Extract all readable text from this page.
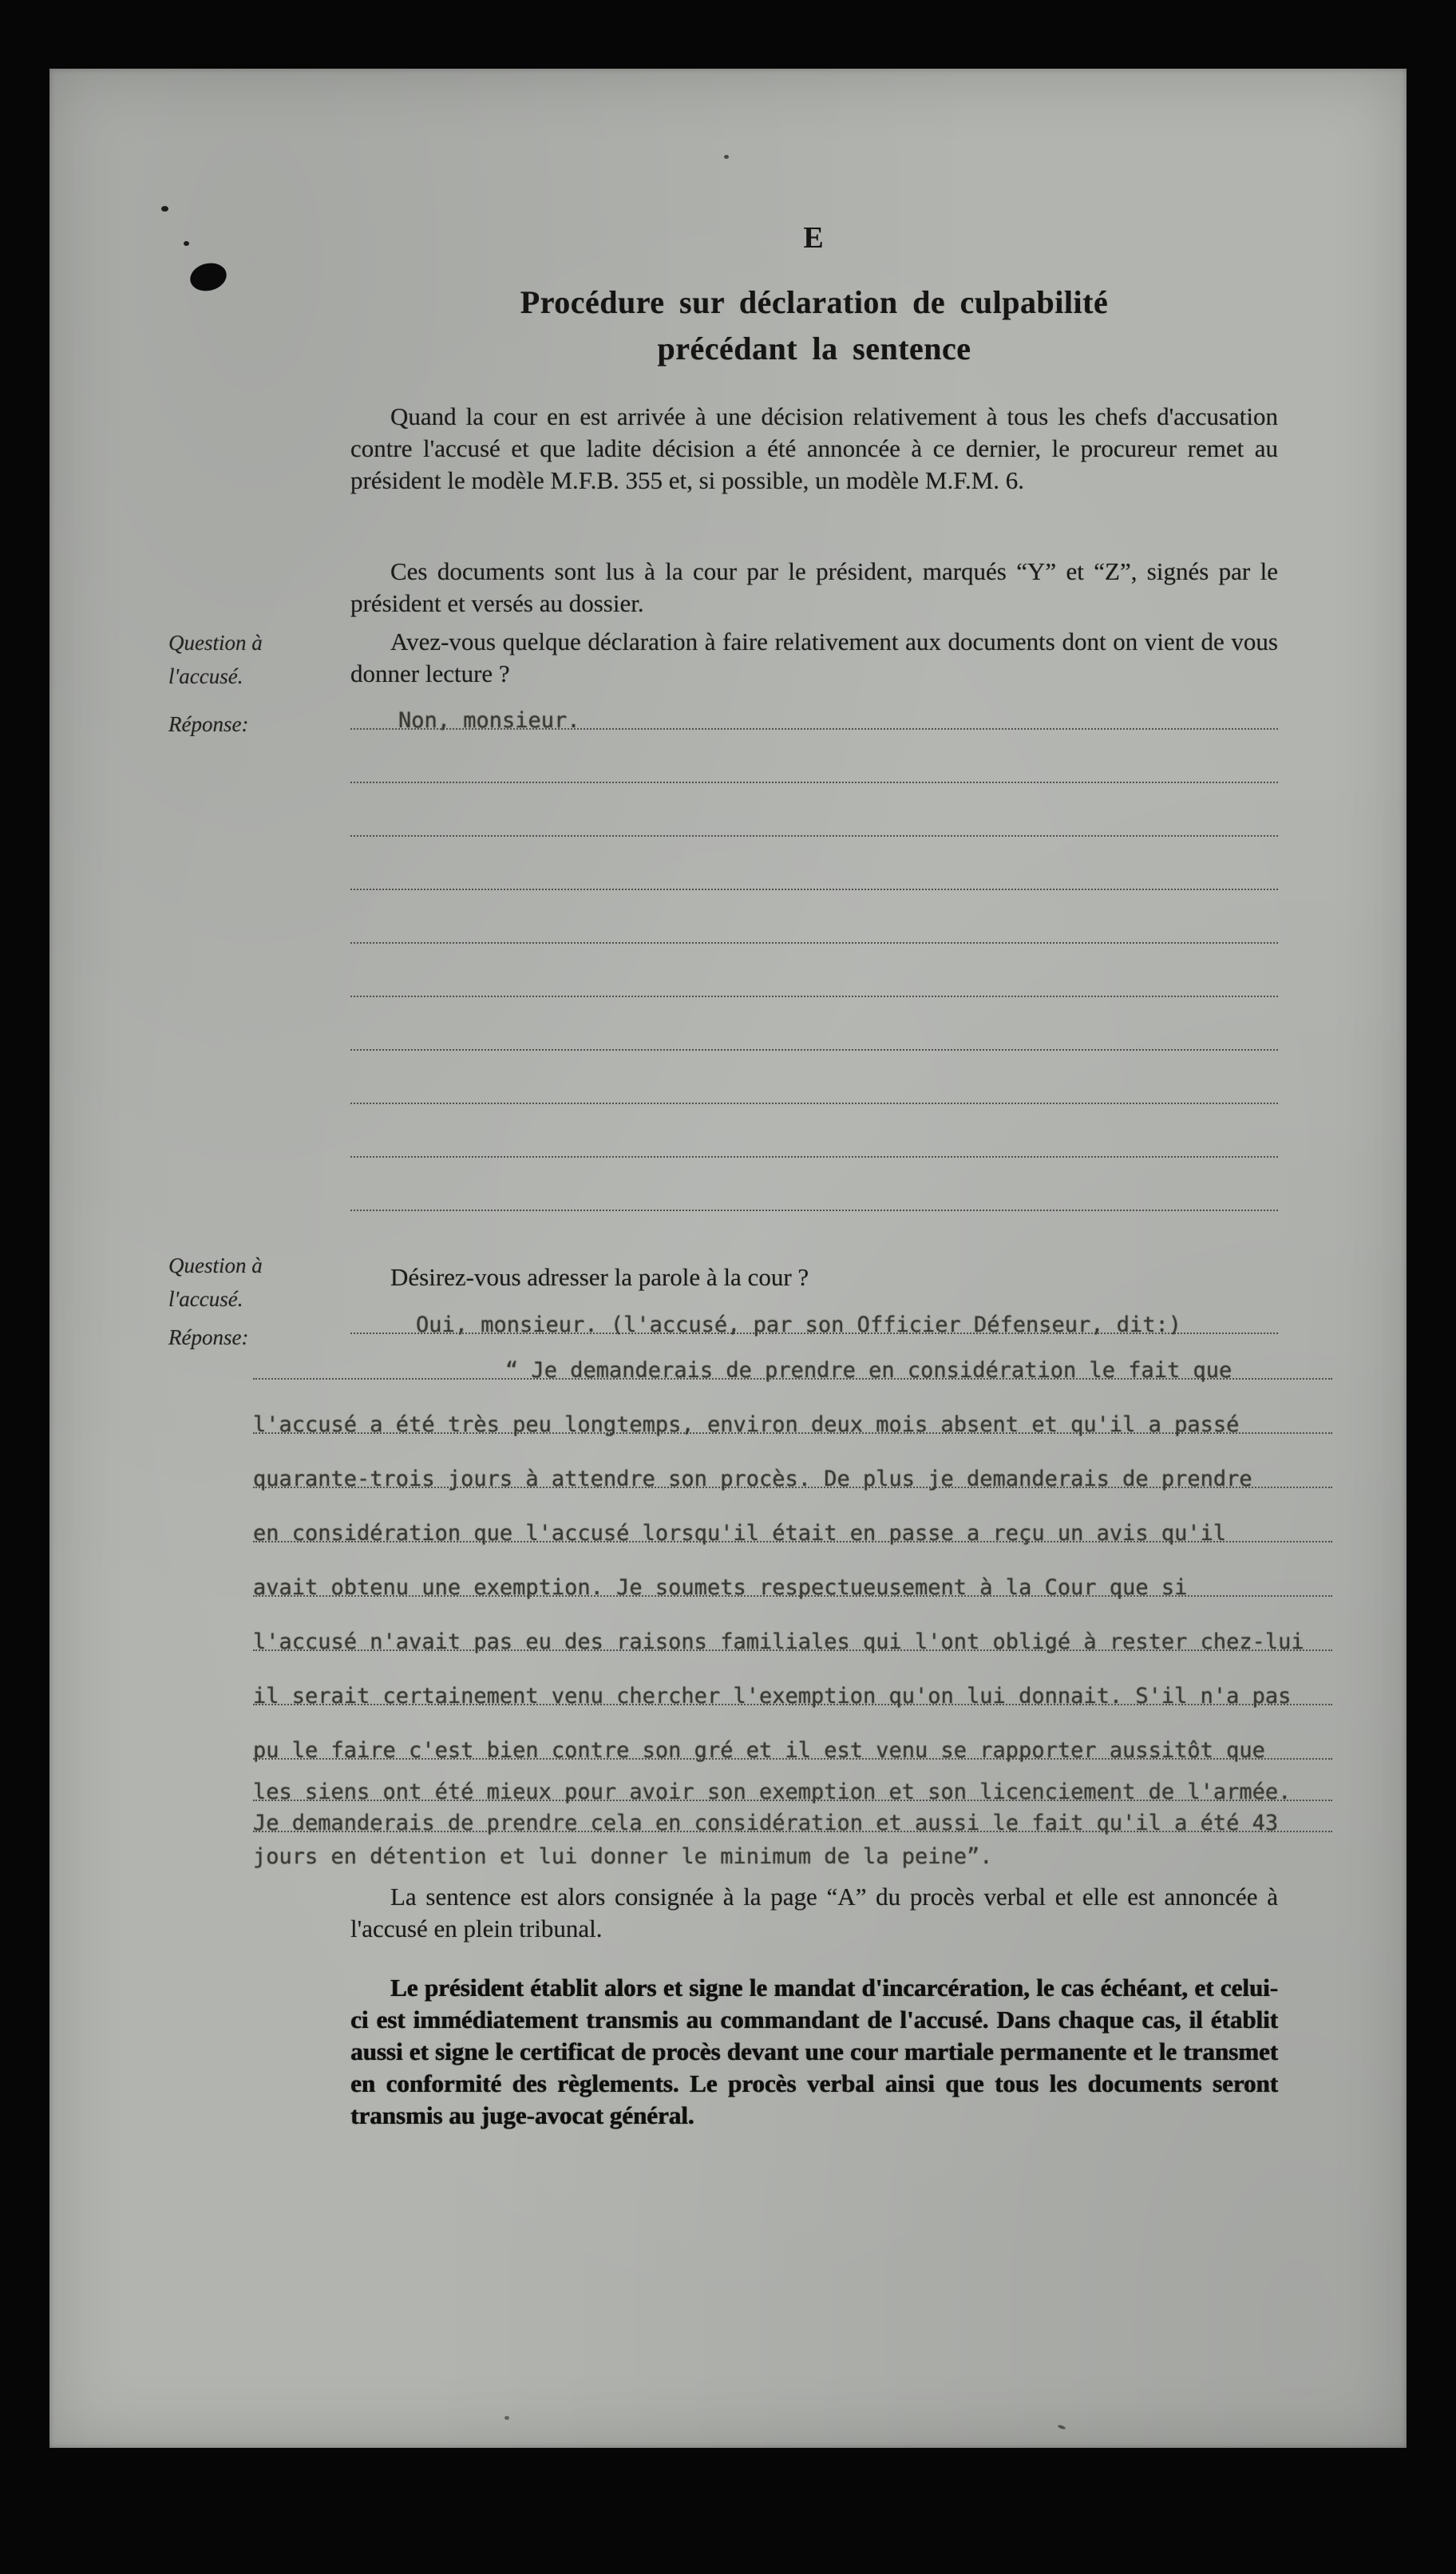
E
Procédure sur déclaration de culpabilité
précédant la sentence
Quand la cour en est arrivée à une décision relativement à tous les chefs d'accusation contre l'accusé et que ladite décision a été annoncée à ce dernier, le procureur remet au président le modèle M.F.B. 355 et, si possible, un modèle M.F.M. 6.
Ces documents sont lus à la cour par le président, marqués “Y” et “Z”, signés par le président et versés au dossier.
Question à
l'accusé.
Avez-vous quelque déclaration à faire relativement aux documents dont on vient de vous donner lecture ?
Réponse:	Non, monsieur.
Question à
l'accusé.
Désirez-vous adresser la parole à la cour ?
Réponse:	Oui, monsieur. (l'accusé, par son Officier Défenseur, dit:)
“ Je demanderais de prendre en considération le fait que
l'accusé a été très peu longtemps, environ deux mois absent et qu'il a passé
quarante-trois jours à attendre son procès. De plus je demanderais de prendre
en considération que l'accusé lorsqu'il était en passe a reçu un avis qu'il
avait obtenu une exemption. Je soumets respectueusement à la Cour que si
l'accusé n'avait pas eu des raisons familiales qui l'ont obligé à rester chez-lui
il serait certainement venu chercher l'exemption qu'on lui donnait. S'il n'a pas
pu le faire c'est bien contre son gré et il est venu se rapporter aussitôt que
les siens ont été mieux pour avoir son exemption et son licenciement de l'armée.
Je demanderais de prendre cela en considération et aussi le fait qu'il a été 43
jours en détention et lui donner le minimum de la peine”.
La sentence est alors consignée à la page “A” du procès verbal et elle est annoncée à l'accusé en plein tribunal.
Le président établit alors et signe le mandat d'incarcération, le cas échéant, et celui-ci est immédiatement transmis au commandant de l'accusé. Dans chaque cas, il établit aussi et signe le certificat de procès devant une cour martiale permanente et le transmet en conformité des règlements. Le procès verbal ainsi que tous les documents seront transmis au juge-avocat général.
